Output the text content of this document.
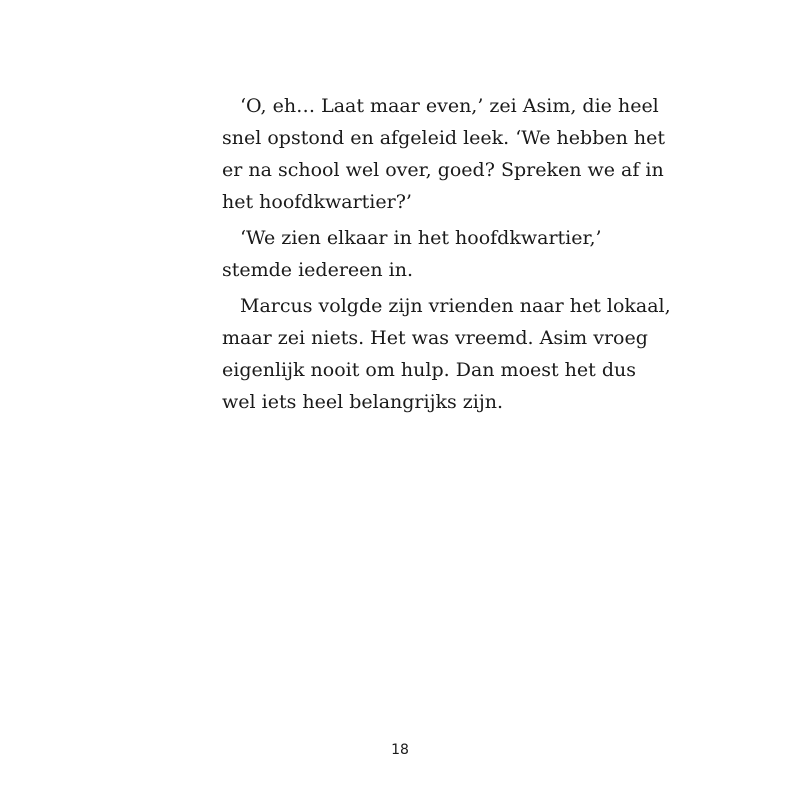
‘O, eh… Laat maar even,’ zei Asim, die heel
snel opstond en afgeleid leek. ‘We hebben het
er na school wel over, goed? Spreken we af in
het hoofdkwartier?’
‘We zien elkaar in het hoofdkwartier,’
stemde iedereen in.
Marcus volgde zijn vrienden naar het lokaal,
maar zei niets. Het was vreemd. Asim vroeg
eigenlijk nooit om hulp. Dan moest het dus
wel iets heel belangrijks zijn.
18
